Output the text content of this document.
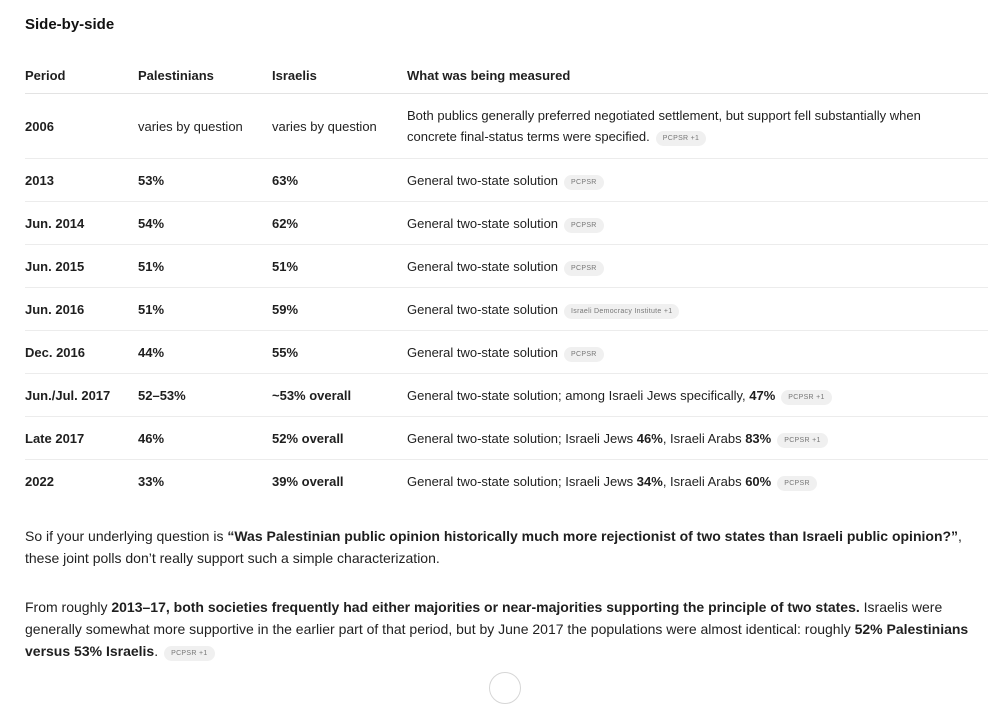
Side-by-side
Period	Palestinians	Israelis	What was being measured
2006	varies by question	varies by question	Both publics generally preferred negotiated settlement, but support fell substantially when concrete final-status terms were specified. PCPSR +1
2013	53%	63%	General two-state solution PCPSR
Jun. 2014	54%	62%	General two-state solution PCPSR
Jun. 2015	51%	51%	General two-state solution PCPSR
Jun. 2016	51%	59%	General two-state solution Israeli Democracy Institute +1
Dec. 2016	44%	55%	General two-state solution PCPSR
Jun./Jul. 2017	52–53%	~53% overall	General two-state solution; among Israeli Jews specifically, 47% PCPSR +1
Late 2017	46%	52% overall	General two-state solution; Israeli Jews 46%, Israeli Arabs 83% PCPSR +1
2022	33%	39% overall	General two-state solution; Israeli Jews 34%, Israeli Arabs 60% PCPSR

So if your underlying question is “Was Palestinian public opinion historically much more rejectionist of two states than Israeli public opinion?”, these joint polls don’t really support such a simple characterization.

From roughly 2013–17, both societies frequently had either majorities or near-majorities supporting the principle of two states. Israelis were generally somewhat more supportive in the earlier part of that period, but by June 2017 the populations were almost identical: roughly 52% Palestinians versus 53% Israelis. PCPSR +1
